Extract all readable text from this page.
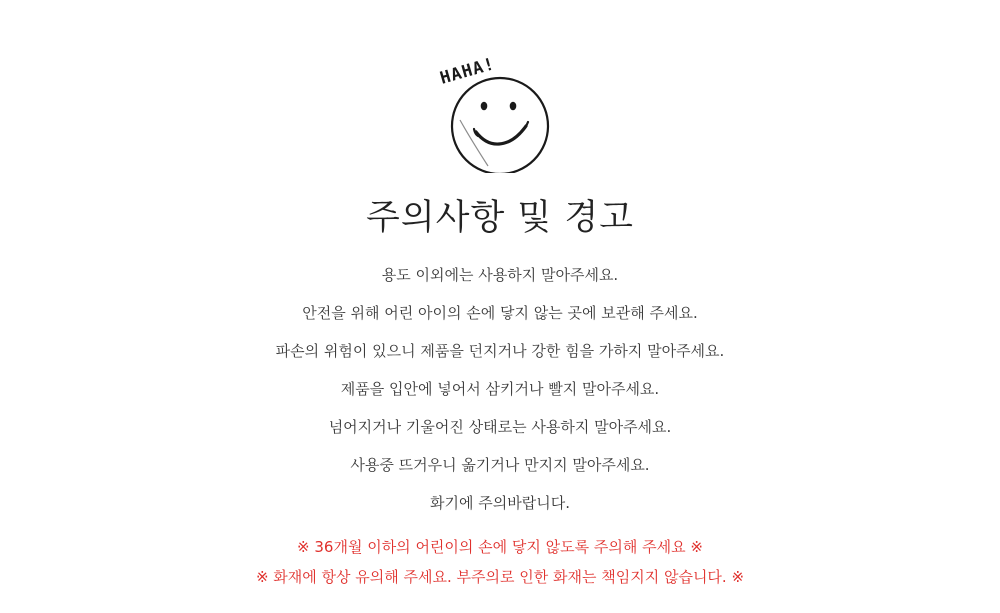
HAHA!
주의사항 및 경고
용도 이외에는 사용하지 말아주세요.
안전을 위해 어린 아이의 손에 닿지 않는 곳에 보관해 주세요.
파손의 위험이 있으니 제품을 던지거나 강한 힘을 가하지 말아주세요.
제품을 입안에 넣어서 삼키거나 빨지 말아주세요.
넘어지거나 기울어진 상태로는 사용하지 말아주세요.
사용중 뜨거우니 옮기거나 만지지 말아주세요.
화기에 주의바랍니다.
※ 36개월 이하의 어린이의 손에 닿지 않도록 주의해 주세요 ※
※ 화재에 항상 유의해 주세요. 부주의로 인한 화재는 책임지지 않습니다. ※
